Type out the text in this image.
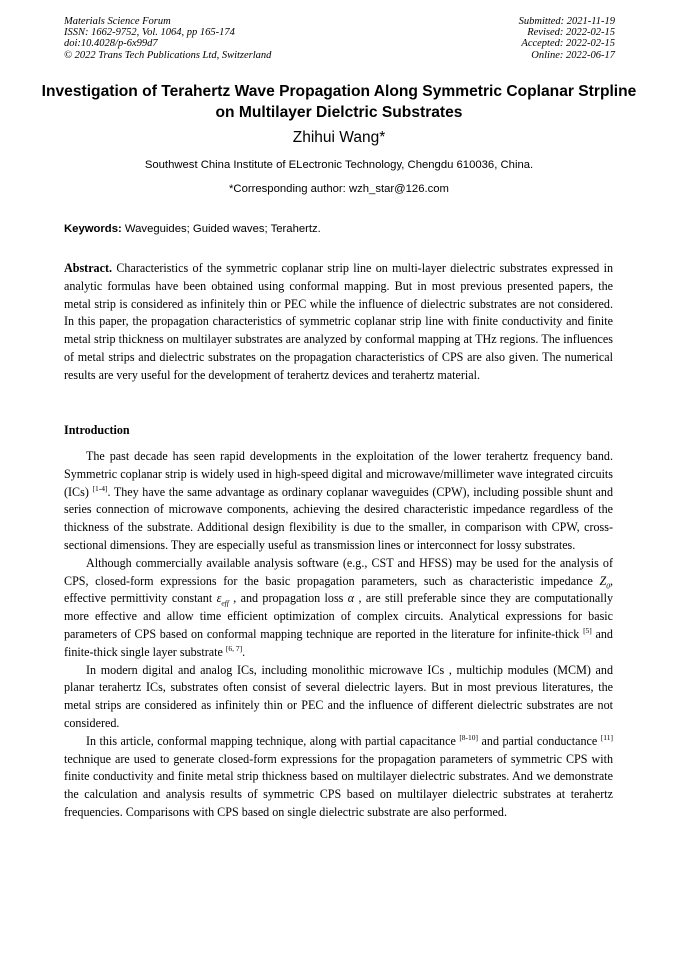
Materials Science Forum
ISSN: 1662-9752, Vol. 1064, pp 165-174
doi:10.4028/p-6x99d7
© 2022 Trans Tech Publications Ltd, Switzerland
Submitted: 2021-11-19
Revised: 2022-02-15
Accepted: 2022-02-15
Online: 2022-06-17
Investigation of Terahertz Wave Propagation Along Symmetric Coplanar Strpline on Multilayer Dielctric Substrates
Zhihui Wang*
Southwest China Institute of ELectronic Technology, Chengdu 610036, China.
*Corresponding author: wzh_star@126.com
Keywords: Waveguides; Guided waves; Terahertz.

Abstract. Characteristics of the symmetric coplanar strip line on multi-layer dielectric substrates expressed in analytic formulas have been obtained using conformal mapping. But in most previous presented papers, the metal strip is considered as infinitely thin or PEC while the influence of dielectric substrates are not considered. In this paper, the propagation characteristics of symmetric coplanar strip line with finite conductivity and finite metal strip thickness on multilayer substrates are analyzed by conformal mapping at THz regions. The influences of metal strips and dielectric substrates on the propagation characteristics of CPS are also given. The numerical results are very useful for the development of terahertz devices and terahertz material.

Introduction

The past decade has seen rapid developments in the exploitation of the lower terahertz frequency band. Symmetric coplanar strip is widely used in high-speed digital and microwave/millimeter wave integrated circuits (ICs) [1-4]. They have the same advantage as ordinary coplanar waveguides (CPW), including possible shunt and series connection of microwave components, achieving the desired characteristic impedance regardless of the thickness of the substrate. Additional design flexibility is due to the smaller, in comparison with CPW, cross-sectional dimensions. They are especially useful as transmission lines or interconnect for lossy substrates.

Although commercially available analysis software (e.g., CST and HFSS) may be used for the analysis of CPS, closed-form expressions for the basic propagation parameters, such as characteristic impedance $Z_0$, effective permittivity constant $\varepsilon_{eff}$ , and propagation loss α , are still preferable since they are computationally more effective and allow time efficient optimization of complex circuits. Analytical expressions for basic parameters of CPS based on conformal mapping technique are reported in the literature for infinite-thick [5] and finite-thick single layer substrate [6, 7].

In modern digital and analog ICs, including monolithic microwave ICs , multichip modules (MCM) and planar terahertz ICs, substrates often consist of several dielectric layers. But in most previous literatures, the metal strips are considered as infinitely thin or PEC and the influence of different dielectric substrates are not considered.

In this article, conformal mapping technique, along with partial capacitance [8-10] and partial conductance [11] technique are used to generate closed-form expressions for the propagation parameters of symmetric CPS with finite conductivity and finite metal strip thickness based on multilayer dielectric substrates. And we demonstrate the calculation and analysis results of symmetric CPS based on multilayer dielectric substrates at terahertz frequencies. Comparisons with CPS based on single dielectric substrate are also performed.
